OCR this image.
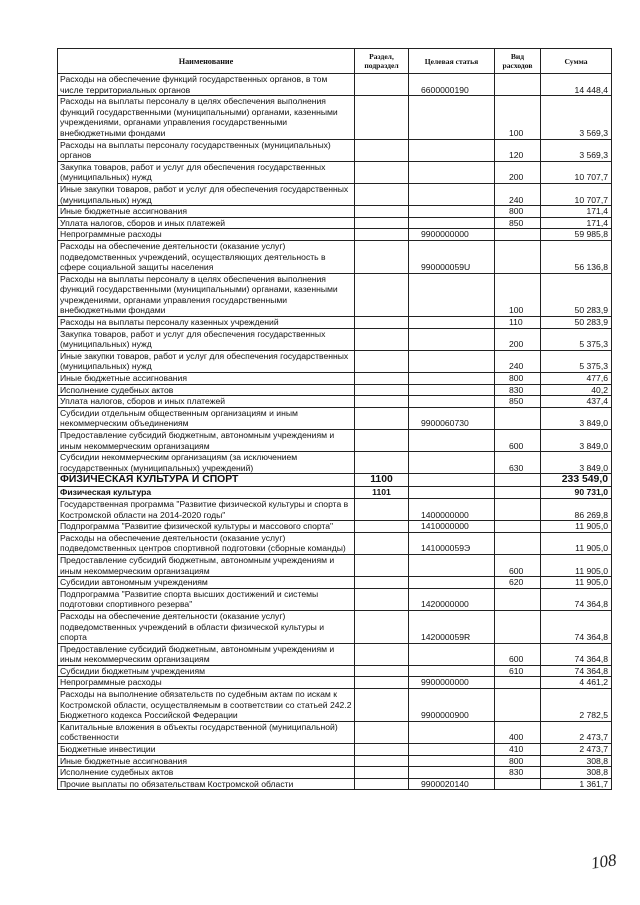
Наименование	Раздел, подраздел	Целевая статья	Вид расходов	Сумма
Расходы на обеспечение функций государственных органов, в том числе территориальных органов		6600000190		14 448,4
Расходы на выплаты персоналу в целях обеспечения выполнения функций государственными (муниципальными) органами, казенными учреждениями, органами управления государственными внебюджетными фондами			100	3 569,3
Расходы на выплаты персоналу государственных (муниципальных) органов			120	3 569,3
Закупка товаров, работ и услуг для обеспечения государственных (муниципальных) нужд			200	10 707,7
Иные закупки товаров, работ и услуг для обеспечения государственных (муниципальных) нужд			240	10 707,7
Иные бюджетные ассигнования			800	171,4
Уплата налогов, сборов и иных платежей			850	171,4
Непрограммные расходы		9900000000		59 985,8
Расходы на обеспечение деятельности (оказание услуг) подведомственных учреждений, осуществляющих деятельность в сфере социальной защиты населения		990000059U		56 136,8
Расходы на выплаты персоналу в целях обеспечения выполнения функций государственными (муниципальными) органами, казенными учреждениями, органами управления государственными внебюджетными фондами			100	50 283,9
Расходы на выплаты персоналу казенных учреждений			110	50 283,9
Закупка товаров, работ и услуг для обеспечения государственных (муниципальных) нужд			200	5 375,3
Иные закупки товаров, работ и услуг для обеспечения государственных (муниципальных) нужд			240	5 375,3
Иные бюджетные ассигнования			800	477,6
Исполнение судебных актов			830	40,2
Уплата налогов, сборов и иных платежей			850	437,4
Субсидии отдельным общественным организациям и иным некоммерческим объединениям		9900060730		3 849,0
Предоставление субсидий бюджетным, автономным учреждениям и иным некоммерческим организациям			600	3 849,0
Субсидии некоммерческим организациям (за исключением государственных (муниципальных) учреждений)			630	3 849,0
ФИЗИЧЕСКАЯ КУЛЬТУРА И СПОРТ	1100			233 549,0
Физическая культура	1101			90 731,0
Государственная программа "Развитие физической культуры и спорта в Костромской области на 2014-2020 годы"		1400000000		86 269,8
Подпрограмма "Развитие физической культуры и массового спорта"		1410000000		11 905,0
Расходы на обеспечение деятельности (оказание услуг) подведомственных центров спортивной подготовки (сборные команды)		141000059Э		11 905,0
Предоставление субсидий бюджетным, автономным учреждениям и иным некоммерческим организациям			600	11 905,0
Субсидии автономным учреждениям			620	11 905,0
Подпрограмма "Развитие спорта высших достижений и системы подготовки спортивного резерва"		1420000000		74 364,8
Расходы на обеспечение деятельности (оказание услуг) подведомственных учреждений в области физической культуры и спорта		142000059R		74 364,8
Предоставление субсидий бюджетным, автономным учреждениям и иным некоммерческим организациям			600	74 364,8
Субсидии бюджетным учреждениям			610	74 364,8
Непрограммные расходы		9900000000		4 461,2
Расходы на выполнение обязательств по судебным актам по искам к Костромской области, осуществляемым в соответствии со статьей 242.2 Бюджетного кодекса Российской Федерации		9900000900		2 782,5
Капитальные вложения в объекты государственной (муниципальной) собственности			400	2 473,7
Бюджетные инвестиции			410	2 473,7
Иные бюджетные ассигнования			800	308,8
Исполнение судебных актов			830	308,8
Прочие выплаты по обязательствам Костромской области		9900020140		1 361,7
108
